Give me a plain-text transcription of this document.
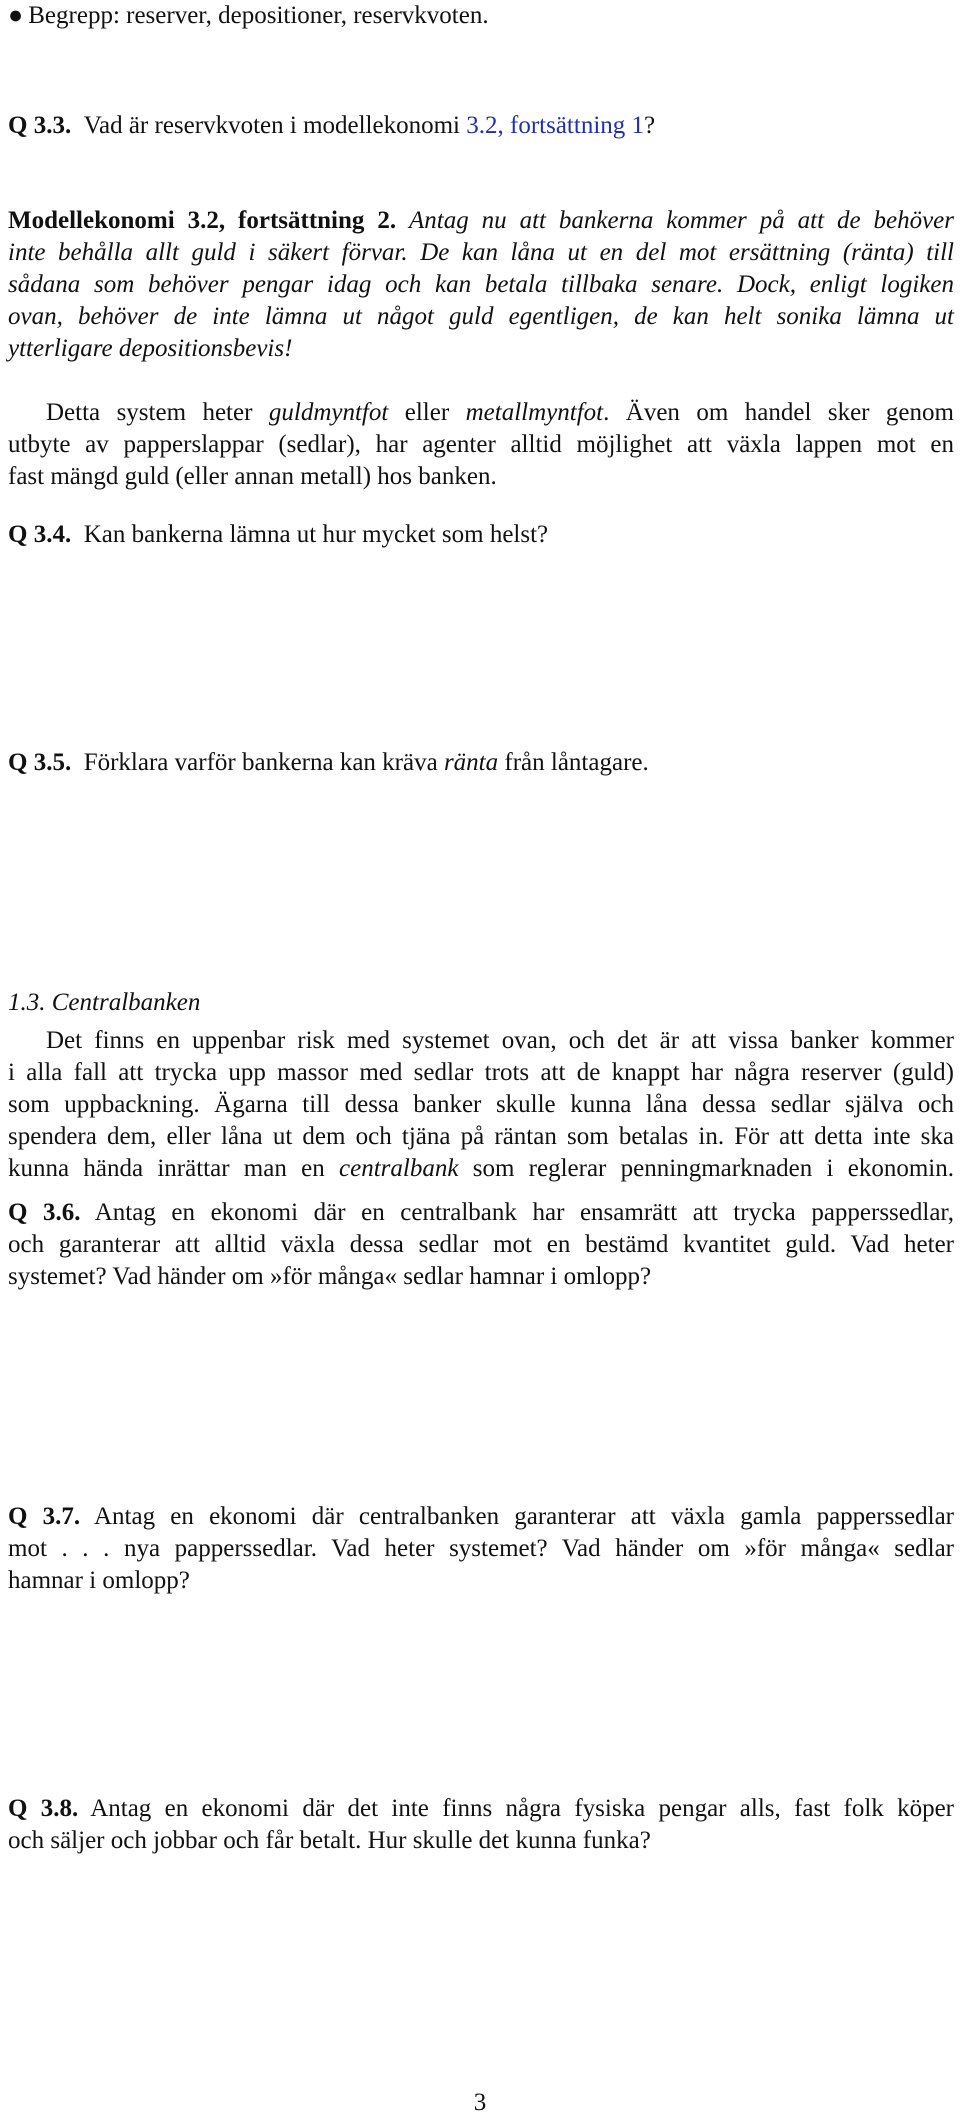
● Begrepp: reserver, depositioner, reservkvoten.
Q 3.3. Vad är reservkvoten i modellekonomi 3.2, fortsättning 1?
Modellekonomi 3.2, fortsättning 2. Antag nu att bankerna kommer på att de behöver
inte behålla allt guld i säkert förvar. De kan låna ut en del mot ersättning (ränta) till
sådana som behöver pengar idag och kan betala tillbaka senare. Dock, enligt logiken
ovan, behöver de inte lämna ut något guld egentligen, de kan helt sonika lämna ut
ytterligare depositionsbevis!
Detta system heter guldmyntfot eller metallmyntfot. Även om handel sker genom
utbyte av papperslappar (sedlar), har agenter alltid möjlighet att växla lappen mot en
fast mängd guld (eller annan metall) hos banken.
Q 3.4. Kan bankerna lämna ut hur mycket som helst?
Q 3.5. Förklara varför bankerna kan kräva ränta från låntagare.
1.3. Centralbanken
Det finns en uppenbar risk med systemet ovan, och det är att vissa banker kommer
i alla fall att trycka upp massor med sedlar trots att de knappt har några reserver (guld)
som uppbackning. Ägarna till dessa banker skulle kunna låna dessa sedlar själva och
spendera dem, eller låna ut dem och tjäna på räntan som betalas in. För att detta inte ska
kunna hända inrättar man en centralbank som reglerar penningmarknaden i ekonomin.
Q 3.6. Antag en ekonomi där en centralbank har ensamrätt att trycka papperssedlar,
och garanterar att alltid växla dessa sedlar mot en bestämd kvantitet guld. Vad heter
systemet? Vad händer om »för många« sedlar hamnar i omlopp?
Q 3.7. Antag en ekonomi där centralbanken garanterar att växla gamla papperssedlar
mot . . . nya papperssedlar. Vad heter systemet? Vad händer om »för många« sedlar
hamnar i omlopp?
Q 3.8. Antag en ekonomi där det inte finns några fysiska pengar alls, fast folk köper
och säljer och jobbar och får betalt. Hur skulle det kunna funka?
3
